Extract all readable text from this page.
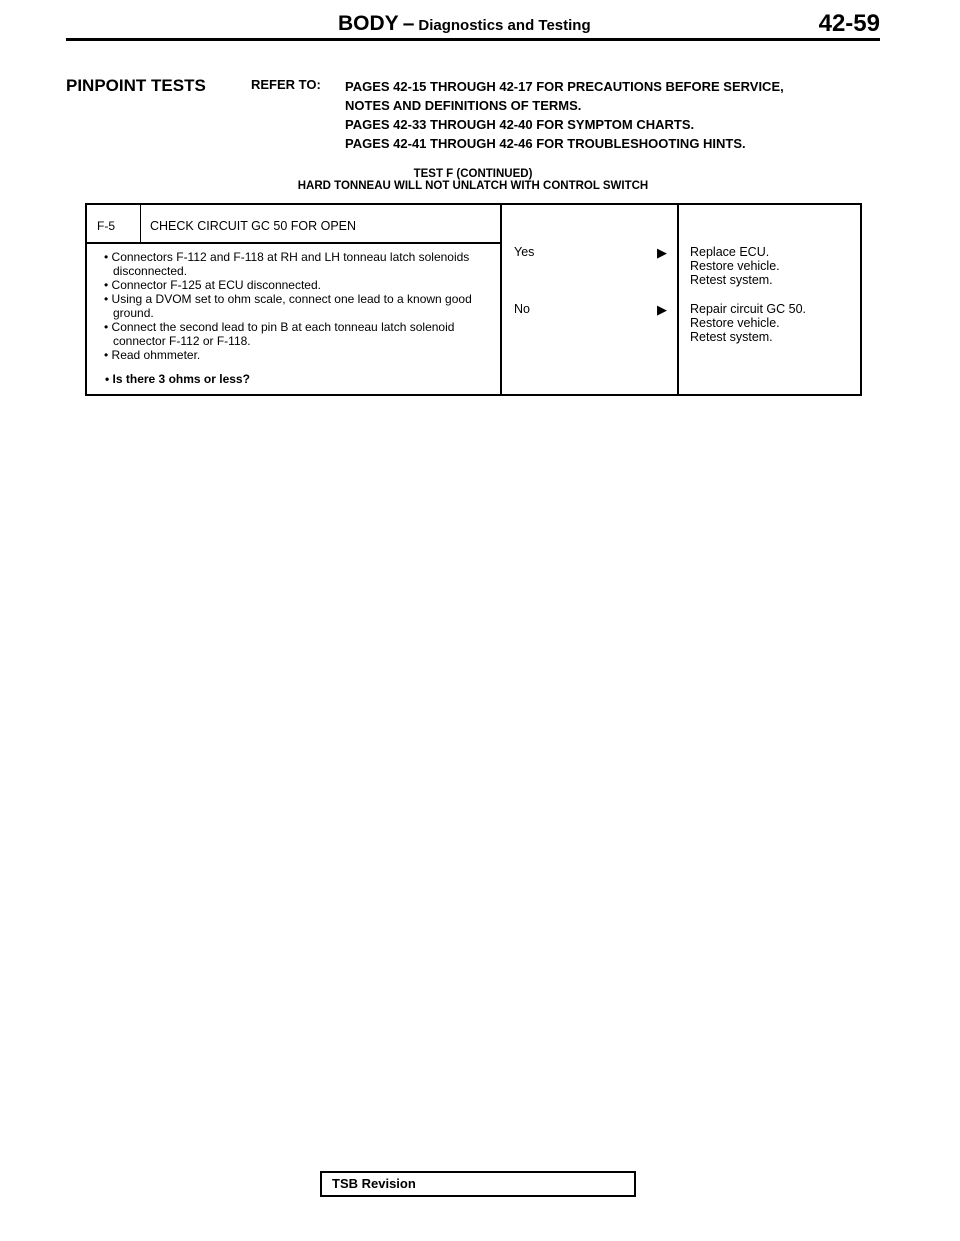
BODY – Diagnostics and Testing	42-59
PINPOINT TESTS	REFER TO: PAGES 42-15 THROUGH 42-17 FOR PRECAUTIONS BEFORE SERVICE,
NOTES AND DEFINITIONS OF TERMS.
PAGES 42-33 THROUGH 42-40 FOR SYMPTOM CHARTS.
PAGES 42-41 THROUGH 42-46 FOR TROUBLESHOOTING HINTS.
TEST F (CONTINUED)
HARD TONNEAU WILL NOT UNLATCH WITH CONTROL SWITCH
F-5	CHECK CIRCUIT GC 50 FOR OPEN
• Connectors F-112 and F-118 at RH and LH tonneau latch solenoids disconnected.
• Connector F-125 at ECU disconnected.
• Using a DVOM set to ohm scale, connect one lead to a known good ground.
• Connect the second lead to pin B at each tonneau latch solenoid connector F-112 or F-118.
• Read ohmmeter.
• Is there 3 ohms or less?
Yes	▶ Replace ECU.
Restore vehicle.
Retest system.
No	▶ Repair circuit GC 50.
Restore vehicle.
Retest system.
TSB Revision
